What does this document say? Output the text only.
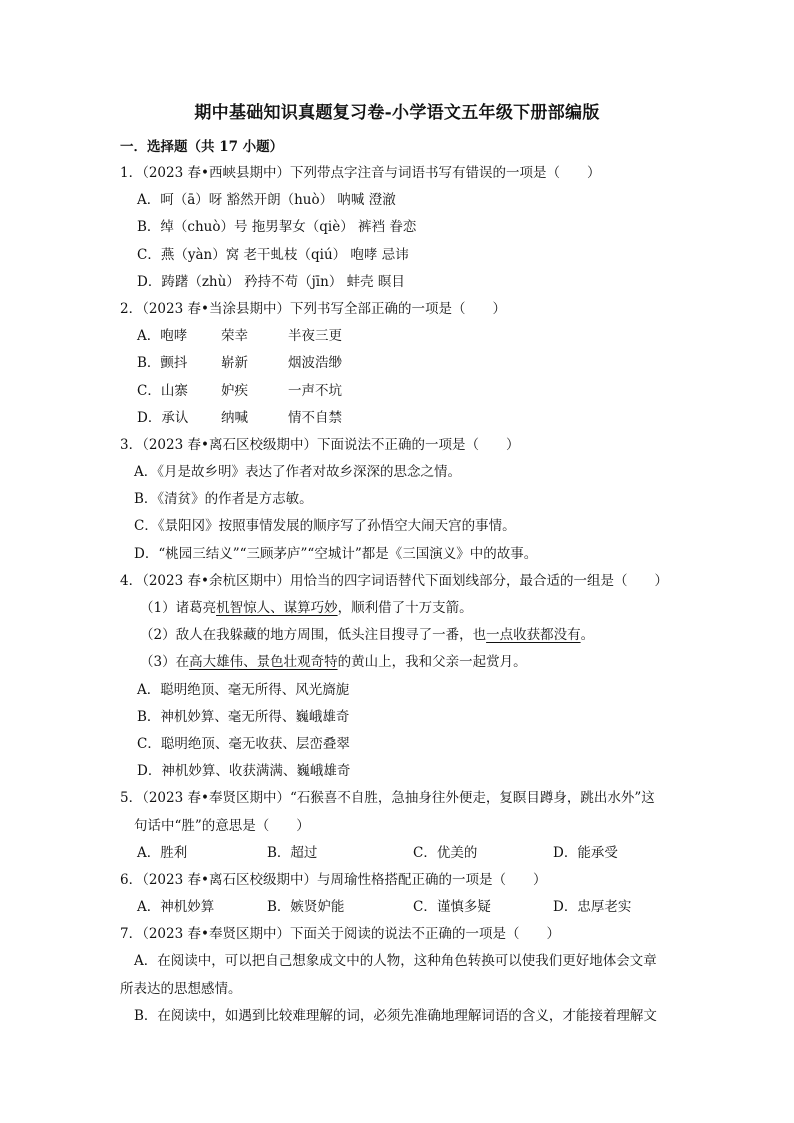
期中基础知识真题复习卷-小学语文五年级下册部编版
一．选择题（共 17 小题）
1．（2023 春•西峡县期中）下列带点字注音与词语书写有错误的一项是（　　）
A．呵（ā）呀 豁然开朗（huò） 呐喊 澄澈
B．绰（chuò）号 拖男挈女（qiè） 裤裆 眷恋
C．燕（yàn）窝 老干虬枝（qiú） 咆哮 忌讳
D．踌躇（zhù） 矜持不苟（jīn） 蚌壳 暝目
2．（2023 春•当涂县期中）下列书写全部正确的一项是（　　）
A．咆哮	荣幸	半夜三更
B．颤抖	崭新	烟波浩缈
C．山寨	妒疾	一声不坑
D．承认	纳喊	情不自禁
3．（2023 春•离石区校级期中）下面说法不正确的一项是（　　）
A．《月是故乡明》表达了作者对故乡深深的思念之情。
B．《清贫》的作者是方志敏。
C．《景阳冈》按照事情发展的顺序写了孙悟空大闹天宫的事情。
D．“桃园三结义”“三顾茅庐”“空城计”都是《三国演义》中的故事。
4．（2023 春•余杭区期中）用恰当的四字词语替代下面划线部分，最合适的一组是（　　）
（1）诸葛亮机智惊人、谋算巧妙，顺利借了十万支箭。
（2）敌人在我躲藏的地方周围，低头注目搜寻了一番，也一点收获都没有。
（3）在高大雄伟、景色壮观奇特的黄山上，我和父亲一起赏月。
A．聪明绝顶、毫无所得、风光旖旎
B．神机妙算、毫无所得、巍峨雄奇
C．聪明绝顶、毫无收获、层峦叠翠
D．神机妙算、收获满满、巍峨雄奇
5．（2023 春•奉贤区期中）“石猴喜不自胜，急抽身往外便走，复瞑目蹲身，跳出水外”这
句话中“胜”的意思是（　　）
A．胜利	B．超过	C．优美的	D．能承受
6．（2023 春•离石区校级期中）与周瑜性格搭配正确的一项是（　　）
A．神机妙算	B．嫉贤妒能	C．谨慎多疑	D．忠厚老实
7．（2023 春•奉贤区期中）下面关于阅读的说法不正确的一项是（　　）
A．在阅读中，可以把自己想象成文中的人物，这种角色转换可以使我们更好地体会文章
所表达的思想感情。
B．在阅读中，如遇到比较难理解的词，必须先准确地理解词语的含义，才能接着理解文
